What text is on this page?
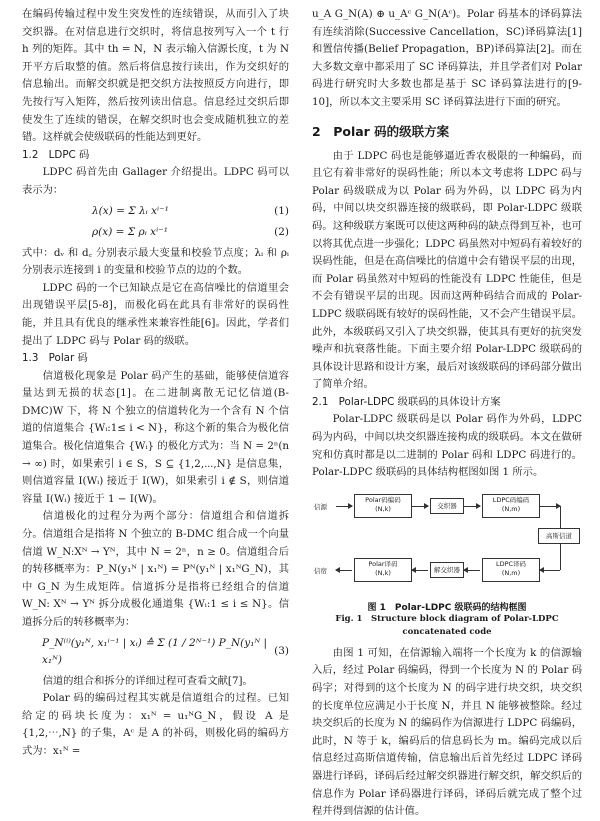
在编码传输过程中发生突发性的连续错误，从而引入了块交织器。在对信息进行交织时，将信息按列写入一个 t 行 h 列的矩阵。其中 th = N，N 表示输入信源长度，t 为 N 开平方后取整的值。然后将信息按行读出，作为交织好的信息输出。而解交织就是把交织方法按照反方向进行，即先按行写入矩阵，然后按列读出信息。信息经过交织后即使发生了连续的错误，在解交织时也会变成随机独立的差错。这样就会使级联码的性能达到更好。

1.2　LDPC 码

LDPC 码首先由 Gallager 介绍提出。LDPC 码可以表示为：

λ(x) = Σ λᵢ xⁱ⁻¹	(1)
ρ(x) = Σ ρᵢ xⁱ⁻¹	(2)

式中：dᵥ 和 d꜀ 分别表示最大变量和校验节点度；λᵢ 和 ρᵢ 分别表示连接到 i 的变量和校验节点的边的个数。

LDPC 码的一个已知缺点是它在高信噪比的信道里会出现错误平层[5-8]，而极化码在此具有非常好的误码性能，并且具有优良的继承性来兼容性能[6]。因此，学者们提出了 LDPC 码与 Polar 码的级联。

1.3　Polar 码

信道极化现象是 Polar 码产生的基础，能够使信道容量达到无损的状态[1]。在二进制离散无记忆信道(B-DMC)W 下，将 N 个独立的信道转化为一个含有 N 个信道的信道集合 {Wᵢ:1≤ i < N}，称这个新的集合为极化信道集合。极化信道集合 {Wᵢ} 的极化方式为：当 N = 2ⁿ(n → ∞) 时，如果索引 i ∈ S，S ⊆ {1,2,⋯,N} 是信息集，则信道容量 I(Wᵢ) 接近于 I(W)，如果索引 i ∉ S，则信道容量 I(Wᵢ) 接近于 1 − I(W)。

信道极化的过程分为两个部分：信道组合和信道拆分。信道组合是指将 N 个独立的 B-DMC 组合成一个向量信道 W_N:Xᴺ → Yᴺ，其中 N = 2ⁿ，n ≥ 0。信道组合后的转移概率为：P_N(y₁ᴺ | x₁ᴺ) = Pᴺ(y₁ᴺ | x₁ᴺG_N)，其中 G_N 为生成矩阵。信道拆分是指将已经组合的信道 W_N: Xᴺ → Yᴺ 拆分成极化通道集 {Wᵢ:1 ≤ i ≤ N}。信道拆分后的转移概率为：

P_N⁽ⁱ⁾(y₁ᴺ, x₁ⁱ⁻¹ | xᵢ) ≙ Σ (1 / 2ᴺ⁻¹) P_N(y₁ᴺ | x₁ᴺ)
(3)

信道的组合和拆分的详细过程可查看文献[7]。

Polar 码的编码过程其实就是信道组合的过程。已知给定的码块长度为：x₁ᴺ = u₁ᴺG_N，假设 A 是 {1,2,⋯,N} 的子集，Aᶜ 是 A 的补码，则极化码的编码方式为：x₁ᴺ =

u_A G_N(A) ⊕ u_Aᶜ G_N(Aᶜ)。Polar 码基本的译码算法有连续消除(Successive Cancellation，SC)译码算法[1]和置信传播(Belief Propagation，BP)译码算法[2]。而在大多数文章中都采用了 SC 译码算法，并且学者们对 Polar 码进行研究时大多数也都是基于 SC 译码算法进行的[9-10]，所以本文主要采用 SC 译码算法进行下面的研究。

2　Polar 码的级联方案

由于 LDPC 码也是能够逼近香农极限的一种编码，而且它有着非常好的误码性能；所以本文考虑将 LDPC 码与 Polar 码级联成为以 Polar 码为外码，以 LDPC 码为内码，中间以块交织器连接的级联码，即 Polar-LDPC 级联码。这种级联方案既可以使这两种码的缺点得到互补，也可以将其优点进一步强化；LDPC 码虽然对中短码有着较好的误码性能，但是在高信噪比的信道中会有错误平层的出现，而 Polar 码虽然对中短码的性能没有 LDPC 性能佳，但是不会有错误平层的出现。因而这两种码结合而成的 Polar-LDPC 级联码既有较好的误码性能，又不会产生错误平层。此外，本级联码又引入了块交织器，使其具有更好的抗突发噪声和抗衰落性能。下面主要介绍 Polar-LDPC 级联码的具体设计思路和设计方案，最后对该级联码的译码部分做出了简单介绍。

2.1　Polar-LDPC 级联码的具体设计方案

Polar-LDPC 级联码是以 Polar 码作为外码，LDPC 码为内码，中间以块交织器连接构成的级联码。本文在做研究和仿真时都是以二进制的 Polar 码和 LDPC 码进行的。Polar-LDPC 级联码的具体结构框图如图 1 所示。

信源
Polar码编码
(N,k)	交织器
LDPC码编码
(N,m)
高斯信道
信宿
Polar译码
(N,k)	解交织器
LDPC译码
(N,m)
图 1　Polar-LDPC 级联码的结构框图
Fig. 1　Structure block diagram of Polar-LDPC
concatenated code

由图 1 可知，在信源输入端将一个长度为 k 的信源输入后，经过 Polar 码编码，得到一个长度为 N 的 Polar 码码字；对得到的这个长度为 N 的码字进行块交织，块交织的长度单位应满足小于长度 N，并且 N 能够被整除。经过块交织后的长度为 N 的编码作为信源进行 LDPC 码编码，此时，N 等于 k，编码后的信息码长为 m。编码完成以后信息经过高斯信道传输，信息输出后首先经过 LDPC 译码器进行译码，译码后经过解交织器进行解交织，解交织后的信息作为 Polar 译码器进行译码，译码后就完成了整个过程并得到信源的估计值。
